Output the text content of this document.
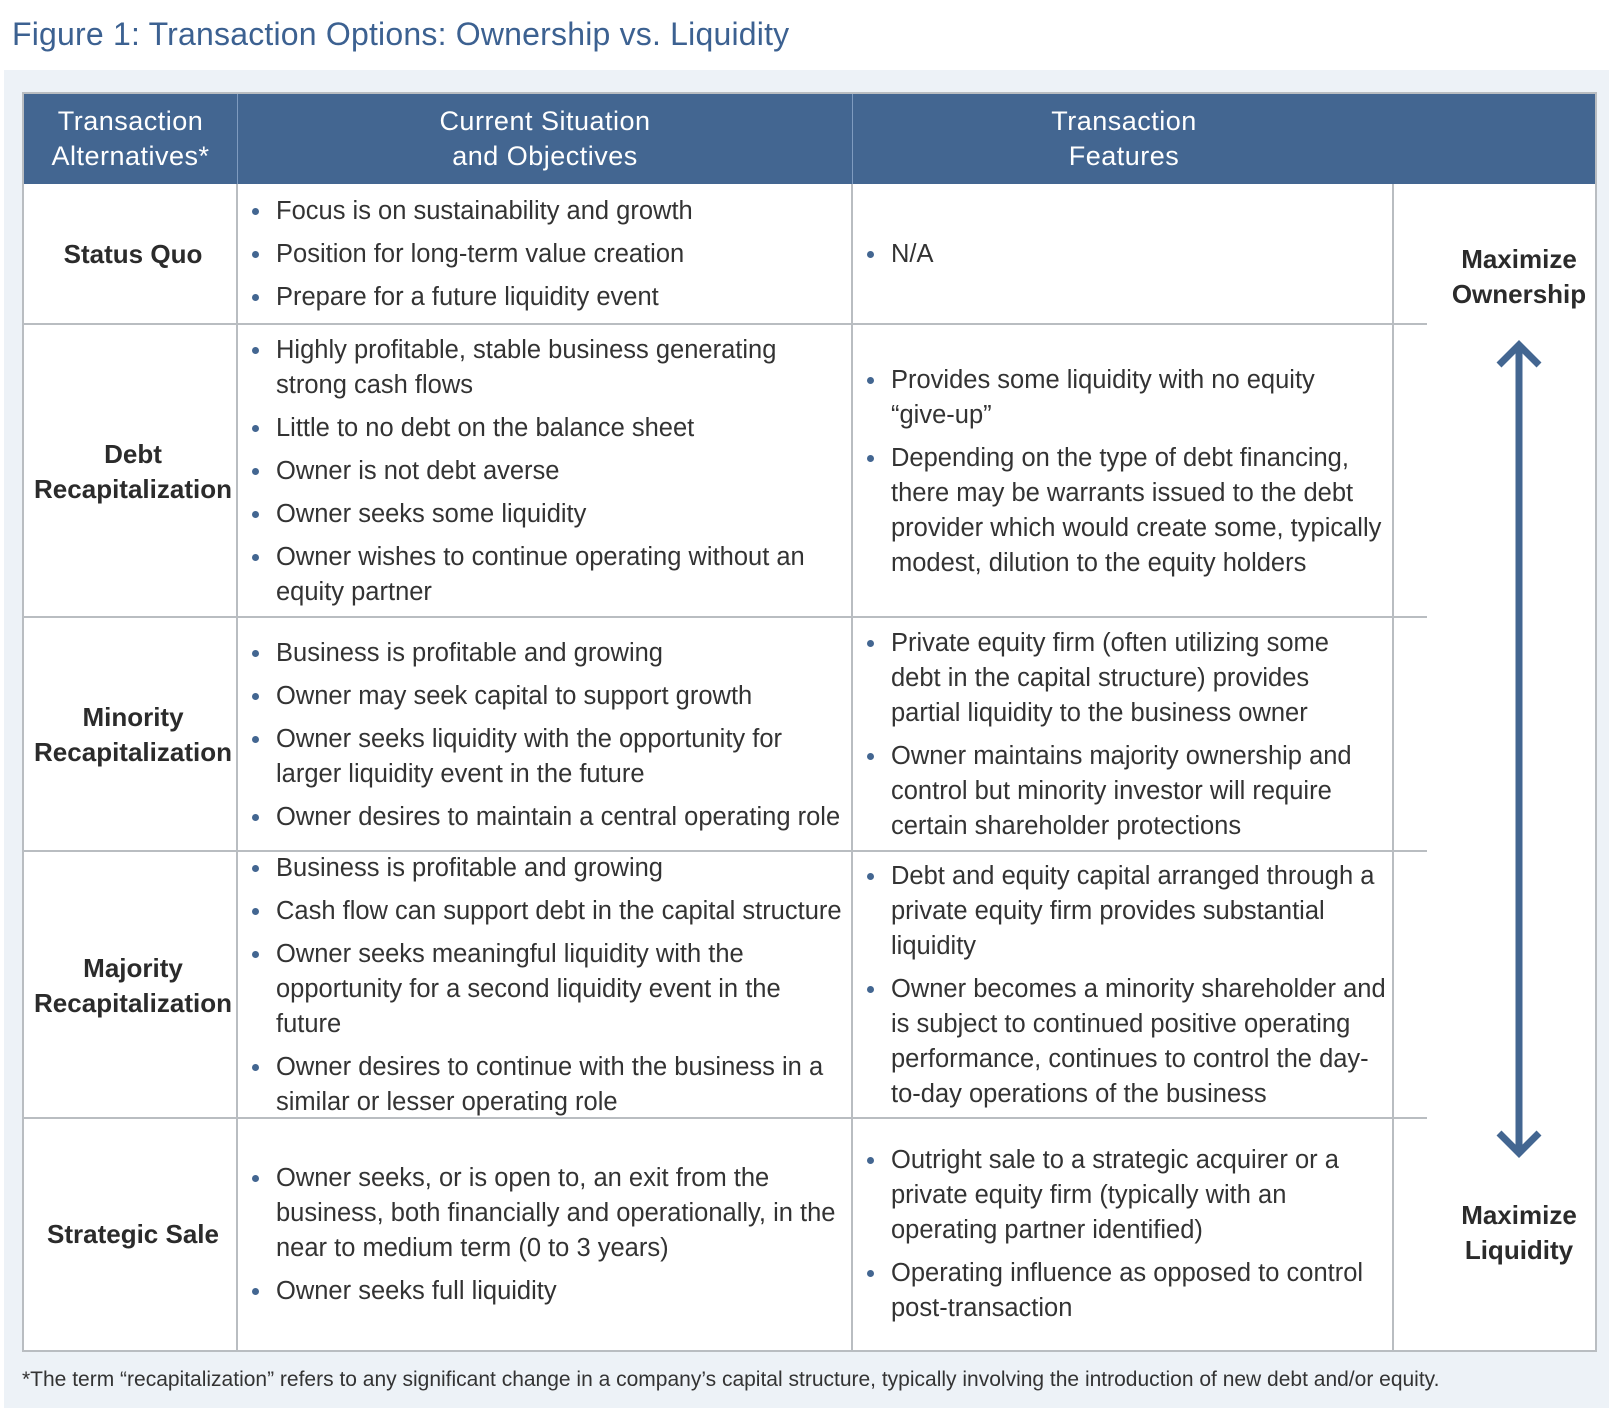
Figure 1: Transaction Options: Ownership vs. Liquidity
Transaction Alternatives*
Current Situation and Objectives
Transaction Features
Status Quo
Focus is on sustainability and growth
Position for long-term value creation
Prepare for a future liquidity event
N/A
Debt Recapitalization
Highly profitable, stable business generating strong cash flows
Little to no debt on the balance sheet
Owner is not debt averse
Owner seeks some liquidity
Owner wishes to continue operating without an equity partner
Provides some liquidity with no equity “give-up”
Depending on the type of debt financing, there may be warrants issued to the debt provider which would create some, typically modest, dilution to the equity holders
Minority Recapitalization
Business is profitable and growing
Owner may seek capital to support growth
Owner seeks liquidity with the opportunity for larger liquidity event in the future
Owner desires to maintain a central operating role
Private equity firm (often utilizing some debt in the capital structure) provides partial liquidity to the business owner
Owner maintains majority ownership and control but minority investor will require certain shareholder protections
Majority Recapitalization
Business is profitable and growing
Cash flow can support debt in the capital structure
Owner seeks meaningful liquidity with the opportunity for a second liquidity event in the future
Owner desires to continue with the business in a similar or lesser operating role
Debt and equity capital arranged through a private equity firm provides substantial liquidity
Owner becomes a minority shareholder and is subject to continued positive operating performance, continues to control the day-to-day operations of the business
Strategic Sale
Owner seeks, or is open to, an exit from the business, both financially and operationally, in the near to medium term (0 to 3 years)
Owner seeks full liquidity
Outright sale to a strategic acquirer or a private equity firm (typically with an operating partner identified)
Operating influence as opposed to control post-transaction
Maximize Ownership
Maximize Liquidity
*The term “recapitalization” refers to any significant change in a company’s capital structure, typically involving the introduction of new debt and/or equity.
